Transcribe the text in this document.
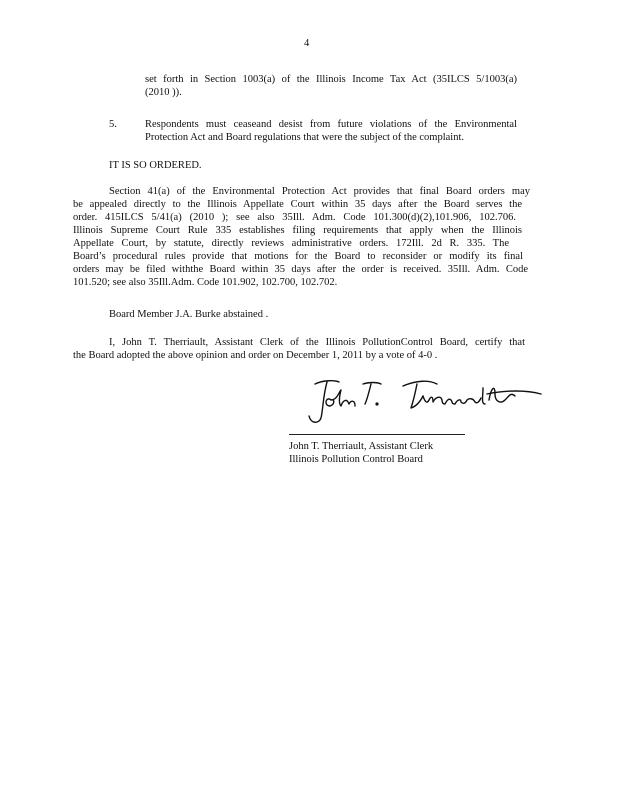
4
set forth in Section 1003(a) of the Illinois Income Tax Act (35ILCS 5/1003(a)
(2010 )).
5.	Respondents must ceaseand desist from future violations of the Environmental
Protection Act and Board regulations that were the subject of the complaint.
IT IS SO ORDERED.
Section 41(a) of the Environmental Protection Act provides that final Board orders may
be appealed directly to the Illinois Appellate Court within 35 days after the Board serves the
order. 415ILCS 5/41(a) (2010 ); see also 35Ill. Adm. Code 101.300(d)(2),101.906, 102.706.
Illinois Supreme Court Rule 335 establishes filing requirements that apply when the Illinois
Appellate Court, by statute, directly reviews administrative orders. 172Ill. 2d R. 335. The
Board’s procedural rules provide that motions for the Board to reconsider or modify its final
orders may be filed withthe Board within 35 days after the order is received. 35Ill. Adm. Code
101.520; see also 35Ill.Adm. Code 101.902, 102.700, 102.702.
Board Member J.A. Burke abstained .
I, John T. Therriault, Assistant Clerk of the Illinois PollutionControl Board, certify that
the Board adopted the above opinion and order on December 1, 2011 by a vote of 4-0 .
John T. Therriault, Assistant Clerk
Illinois Pollution Control Board
